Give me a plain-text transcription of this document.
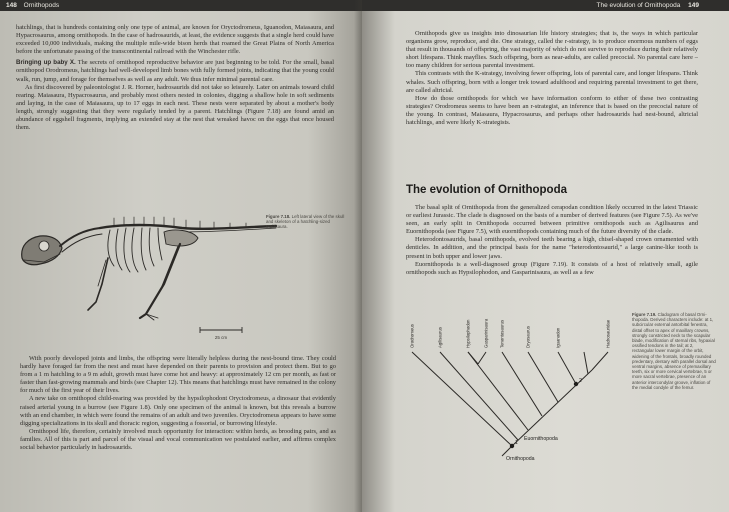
148 Ornithopods

hatchlings, that is hundreds containing only one type of animal, are known for Oryctodromeus, Iguanodon, Maiasaura, and Hypacrosaurus, among ornithopods. In the case of hadrosaurids, at least, the evidence suggests that a single herd could have exceeded 10,000 individuals, making the multiple mile-wide bison herds that roamed the Great Plains of North America before the unfortunate passing of the transcontinental railroad with the Winchester rifle.

Bringing up baby X. The secrets of ornithopod reproductive behavior are just beginning to be told. For the small, basal ornithopod Orodromeus, hatchlings had well-developed limb bones with fully formed joints, indicating that the young could walk, run, jump, and forage for themselves as well as any adult. We thus infer minimal parental care.

As first discovered by paleontologist J. R. Horner, hadrosaurids did not take so leisurely. Later on animals toward child rearing. Maiasaura, Hypacrosaurus, and probably most others nested in colonies, digging a shallow hole in soft sediments and laying, in the case of Maiasaura, up to 17 eggs in each nest. These nests were separated by about a mother's body length, strongly suggesting that they were regularly tended by a parent. Hatchlings (Figure 7.18) are found amid an abundance of eggshell fragments, implying an extended stay at the nest that wreaked havoc on the eggs that once housed them.

25 cm
Figure 7.18. Left lateral view of the skull and skeleton of a hatchling-sized Maiasaura.

With poorly developed joints and limbs, the offspring were literally helpless during the nest-bound time. They could hardly have foraged far from the nest and must have depended on their parents to provision and protect them. But to go from a 1 m hatchling to a 9 m adult, growth must have come hot and heavy: at approximately 12 cm per month, as fast or faster than fast-growing mammals and birds (see Chapter 12). This means that hatchlings must have remained in the colony for much of the first year of their lives.

A new take on ornithopod child-rearing was provided by the hypsilophodont Oryctodromeus, a dinosaur that evidently raised arterial young in a burrow (see Figure 1.8). Only one specimen of the animal is known, but this reveals a burrow with an end chamber, in which were found the remains of an adult and two juveniles. Oryctodromeus appears to have some digging specializations in its skull and thoracic region, suggesting a fossorial, or burrowing lifestyle.

Ornithopod life, therefore, certainly involved much opportunity for interaction: within herds, as brooding pairs, and as families. All of this is part and parcel of the visual and vocal communication we postulated earlier, and affirms complex social behavior particularly in hadrosaurids.

The evolution of Ornithopoda 149

Ornithopods give us insights into dinosaurian life history strategies; that is, the ways in which particular organisms grow, reproduce, and die. One strategy, called the r-strategy, is to produce enormous numbers of eggs that result in thousands of offspring, the vast majority of which do not survive to reproduce during their relatively short lifespans. Think mayflies. Such offspring, born as near-adults, are called precocial. No parental care here – too many children for serious parental investment.

This contrasts with the K-strategy, involving fewer offspring, lots of parental care, and longer lifespans. Think whales. Such offspring, born with a longer trek toward adulthood and requiring parental investment to get there, are called altricial.

How do those ornithopods for which we have information conform to either of these two contrasting strategies? Orodromeus seems to have been an r-strategist, an inference that is based on the precocial nature of the young. In contrast, Maiasaura, Hypacrosaurus, and perhaps other hadrosaurids had nest-bound, altricial hatchlings, and were likely K-strategists.

The evolution of Ornithopoda

The basal split of Ornithopoda from the generalized cerapodan condition likely occurred in the latest Triassic or earliest Jurassic. The clade is diagnosed on the basis of a number of derived features (see Figure 7.5). As we've seen, an early split in Ornithopoda occurred between primitive ornithopods such as Agilisaurus and Euornithopoda (see Figure 7.5), with euornithopods containing much of the future diversity of the clade.

Heterodontosaurids, basal ornithopods, evolved teeth bearing a high, chisel-shaped crown ornamented with denticles. In addition, and the principal basis for the name "heterodontosaurid," a large canine-like tooth is present in both upper and lower jaws.

Euornithopoda is a well-diagnosed group (Figure 7.19). It consists of a host of relatively small, agile ornithopods such as Hypsilophodon, and Gasparinisaura, as well as a few

Orodromeus	Agilisaurus	Hypsilophodon	Gasparinisaura	Tenontosaurus	Dryosaurus	Iguanodon	Hadrosauridae
1
2
Euornithopoda
Ornithopoda
Figure 7.19. Cladogram of basal Ornithopoda. Derived characters include: at 1, subcircular external antorbital fenestra, distal offset to apex of maxillary crowns, strongly constricted neck to the scapular blade, modification of sternal ribs, hypaxial ossified tendons in the tail; at 2, rectangular lower margin of the orbit, widening of the frontals, broadly rounded predentary, dentary with parallel dorsal and ventral margins, absence of premaxillary teeth, six or more cervical vertebrae, 5 or more sacral vertebrae, presence of an anterior intercondylar groove, inflation of the medial condyle of the femur.
